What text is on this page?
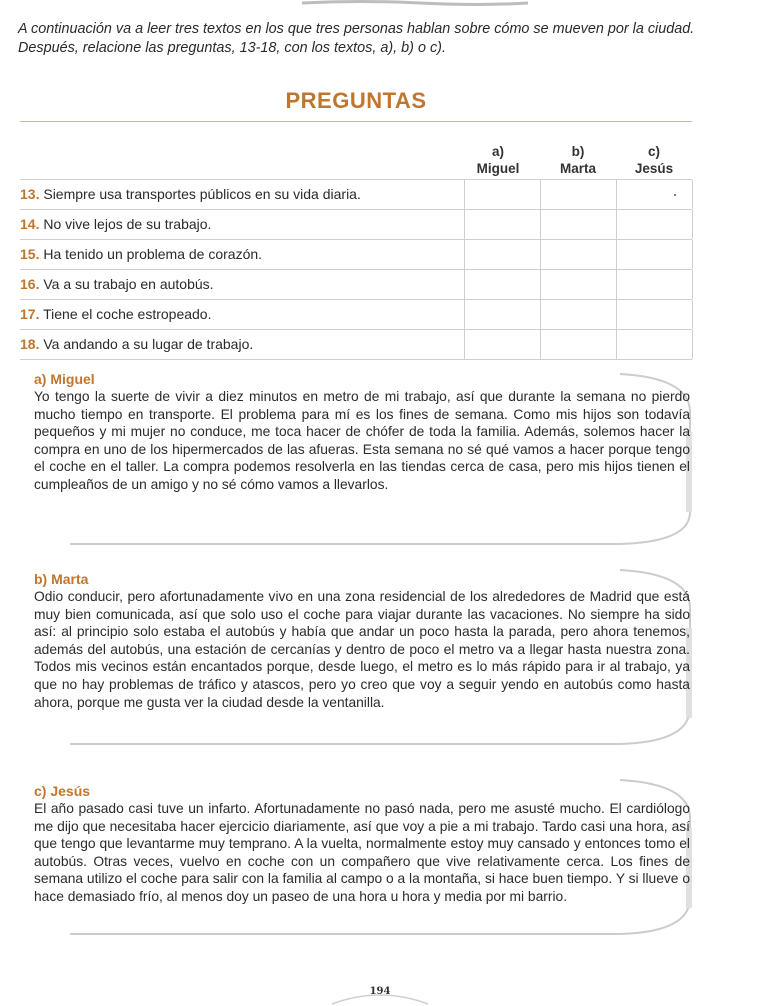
A continuación va a leer tres textos en los que tres personas hablan sobre cómo se mueven por la ciudad. Después, relacione las preguntas, 13-18, con los textos, a), b) o c).
PREGUNTAS
a)
Miguel
b)
Marta
c)
Jesús
13. Siempre usa transportes públicos en su vida diaria.
14. No vive lejos de su trabajo.
15. Ha tenido un problema de corazón.
16. Va a su trabajo en autobús.
17. Tiene el coche estropeado.
18. Va andando a su lugar de trabajo.
a) Miguel

Yo tengo la suerte de vivir a diez minutos en metro de mi trabajo, así que durante la semana no pierdo mucho tiempo en transporte. El problema para mí es los fines de semana. Como mis hijos son todavía pequeños y mi mujer no conduce, me toca hacer de chófer de toda la familia. Además, solemos hacer la compra en uno de los hipermercados de las afueras. Esta semana no sé qué vamos a hacer porque tengo el coche en el taller. La compra podemos resolverla en las tiendas cerca de casa, pero mis hijos tienen el cumpleaños de un amigo y no sé cómo vamos a llevarlos.

b) Marta

Odio conducir, pero afortunadamente vivo en una zona residencial de los alrededores de Madrid que está muy bien comunicada, así que solo uso el coche para viajar durante las vacaciones. No siempre ha sido así: al principio solo estaba el autobús y había que andar un poco hasta la parada, pero ahora tenemos, además del autobús, una estación de cercanías y dentro de poco el metro va a llegar hasta nuestra zona. Todos mis vecinos están encantados porque, desde luego, el metro es lo más rápido para ir al trabajo, ya que no hay problemas de tráfico y atascos, pero yo creo que voy a seguir yendo en autobús como hasta ahora, porque me gusta ver la ciudad desde la ventanilla.

c) Jesús

El año pasado casi tuve un infarto. Afortunadamente no pasó nada, pero me asusté mucho. El cardiólogo me dijo que necesitaba hacer ejercicio diariamente, así que voy a pie a mi trabajo. Tardo casi una hora, así que tengo que levantarme muy temprano. A la vuelta, normalmente estoy muy cansado y entonces tomo el autobús. Otras veces, vuelvo en coche con un compañero que vive relativamente cerca. Los fines de semana utilizo el coche para salir con la familia al campo o a la montaña, si hace buen tiempo. Y si llueve o hace demasiado frío, al menos doy un paseo de una hora u hora y media por mi barrio.

194
